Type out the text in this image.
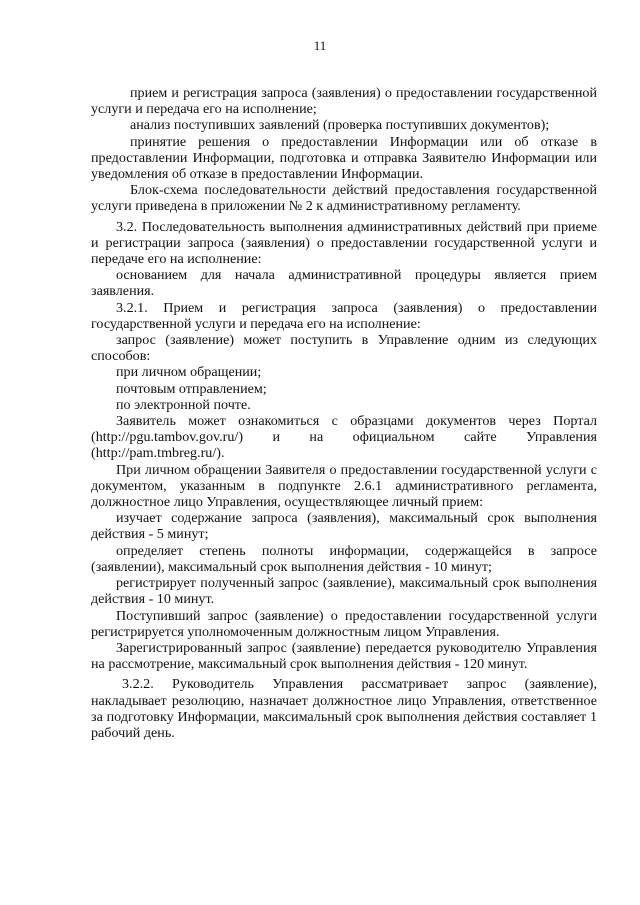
11

прием и регистрация запроса (заявления) о предоставлении государственной услуги и передача его на исполнение;

анализ поступивших заявлений (проверка поступивших документов);

принятие решения о предоставлении Информации или об отказе в предоставлении Информации, подготовка и отправка Заявителю Информации или уведомления об отказе в предоставлении Информации.

Блок-схема последовательности действий предоставления государственной услуги приведена в приложении № 2 к административному регламенту.

3.2. Последовательность выполнения административных действий при приеме и регистрации запроса (заявления) о предоставлении государственной услуги и передаче его на исполнение:

основанием для начала административной процедуры является прием заявления.

3.2.1. Прием и регистрация запроса (заявления) о предоставлении государственной услуги и передача его на исполнение:

запрос (заявление) может поступить в Управление одним из следующих способов:

при личном обращении;

почтовым отправлением;

по электронной почте.

Заявитель может ознакомиться с образцами документов через Портал (http://pgu.tambov.gov.ru/) и на официальном сайте Управления (http://pam.tmbreg.ru/).

При личном обращении Заявителя о предоставлении государственной услуги с документом, указанным в подпункте 2.6.1 административного регламента, должностное лицо Управления, осуществляющее личный прием:

изучает содержание запроса (заявления), максимальный срок выполнения действия - 5 минут;

определяет степень полноты информации, содержащейся в запросе (заявлении), максимальный срок выполнения действия - 10 минут;

регистрирует полученный запрос (заявление), максимальный срок выполнения действия - 10 минут.

Поступивший запрос (заявление) о предоставлении государственной услуги регистрируется уполномоченным должностным лицом Управления.

Зарегистрированный запрос (заявление) передается руководителю Управления на рассмотрение, максимальный срок выполнения действия - 120 минут.

3.2.2. Руководитель Управления рассматривает запрос (заявление), накладывает резолюцию, назначает должностное лицо Управления, ответственное за подготовку Информации, максимальный срок выполнения действия составляет 1 рабочий день.
